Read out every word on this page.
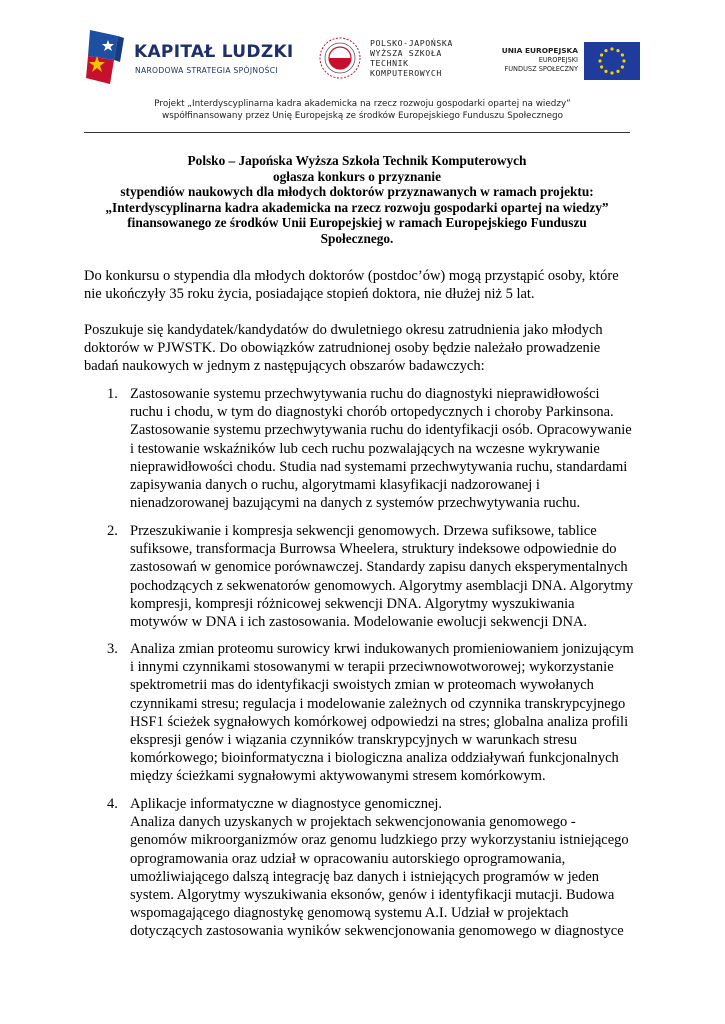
KAPITAŁ LUDZKI
NARODOWA STRATEGIA SPÓJNOŚCI
POLSKO-JAPOŃSKA
WYŻSZA SZKOŁA
TECHNIK
KOMPUTEROWYCH
UNIA EUROPEJSKA
EUROPEJSKI
FUNDUSZ SPOŁECZNY
Projekt „Interdyscyplinarna kadra akademicka na rzecz rozwoju gospodarki opartej na wiedzy”
współfinansowany przez Unię Europejską ze środków Europejskiego Funduszu Społecznego
Polsko – Japońska Wyższa Szkoła Technik Komputerowych
ogłasza konkurs o przyznanie
stypendiów naukowych dla młodych doktorów przyznawanych w ramach projektu:
„Interdyscyplinarna kadra akademicka na rzecz rozwoju gospodarki opartej na wiedzy”
finansowanego ze środków Unii Europejskiej w ramach Europejskiego Funduszu
Społecznego.
Do konkursu o stypendia dla młodych doktorów (postdoc’ów) mogą przystąpić osoby, które
nie ukończyły 35 roku życia, posiadające stopień doktora, nie dłużej niż 5 lat.
Poszukuje się kandydatek/kandydatów do dwuletniego okresu zatrudnienia jako młodych
doktorów w PJWSTK. Do obowiązków zatrudnionej osoby będzie należało prowadzenie
badań naukowych w jednym z następujących obszarów badawczych:
1. Zastosowanie systemu przechwytywania ruchu do diagnostyki nieprawidłowości
ruchu i chodu, w tym do diagnostyki chorób ortopedycznych i choroby Parkinsona.
Zastosowanie systemu przechwytywania ruchu do identyfikacji osób. Opracowywanie
i testowanie wskaźników lub cech ruchu pozwalających na wczesne wykrywanie
nieprawidłowości chodu. Studia nad systemami przechwytywania ruchu, standardami
zapisywania danych o ruchu, algorytmami klasyfikacji nadzorowanej i
nienadzorowanej bazującymi na danych z systemów przechwytywania ruchu.
2. Przeszukiwanie i kompresja sekwencji genomowych. Drzewa sufiksowe, tablice
sufiksowe, transformacja Burrowsa Wheelera, struktury indeksowe odpowiednie do
zastosowań w genomice porównawczej. Standardy zapisu danych eksperymentalnych
pochodzących z sekwenatorów genomowych. Algorytmy asemblacji DNA. Algorytmy
kompresji, kompresji różnicowej sekwencji DNA. Algorytmy wyszukiwania
motywów w DNA i ich zastosowania. Modelowanie ewolucji sekwencji DNA.
3. Analiza zmian proteomu surowicy krwi indukowanych promieniowaniem jonizującym
i innymi czynnikami stosowanymi w terapii przeciwnowotworowej; wykorzystanie
spektrometrii mas do identyfikacji swoistych zmian w proteomach wywołanych
czynnikami stresu; regulacja i modelowanie zależnych od czynnika transkrypcyjnego
HSF1 ścieżek sygnałowych komórkowej odpowiedzi na stres; globalna analiza profili
ekspresji genów i wiązania czynników transkrypcyjnych w warunkach stresu
komórkowego; bioinformatyczna i biologiczna analiza oddziaływań funkcjonalnych
między ścieżkami sygnałowymi aktywowanymi stresem komórkowym.
4. Aplikacje informatyczne w diagnostyce genomicznej.
Analiza danych uzyskanych w projektach sekwencjonowania genomowego -
genomów mikroorganizmów oraz genomu ludzkiego przy wykorzystaniu istniejącego
oprogramowania oraz udział w opracowaniu autorskiego oprogramowania,
umożliwiającego dalszą integrację baz danych i istniejących programów w jeden
system. Algorytmy wyszukiwania eksonów, genów i identyfikacji mutacji. Budowa
wspomagającego diagnostykę genomową systemu A.I. Udział w projektach
dotyczących zastosowania wyników sekwencjonowania genomowego w diagnostyce
